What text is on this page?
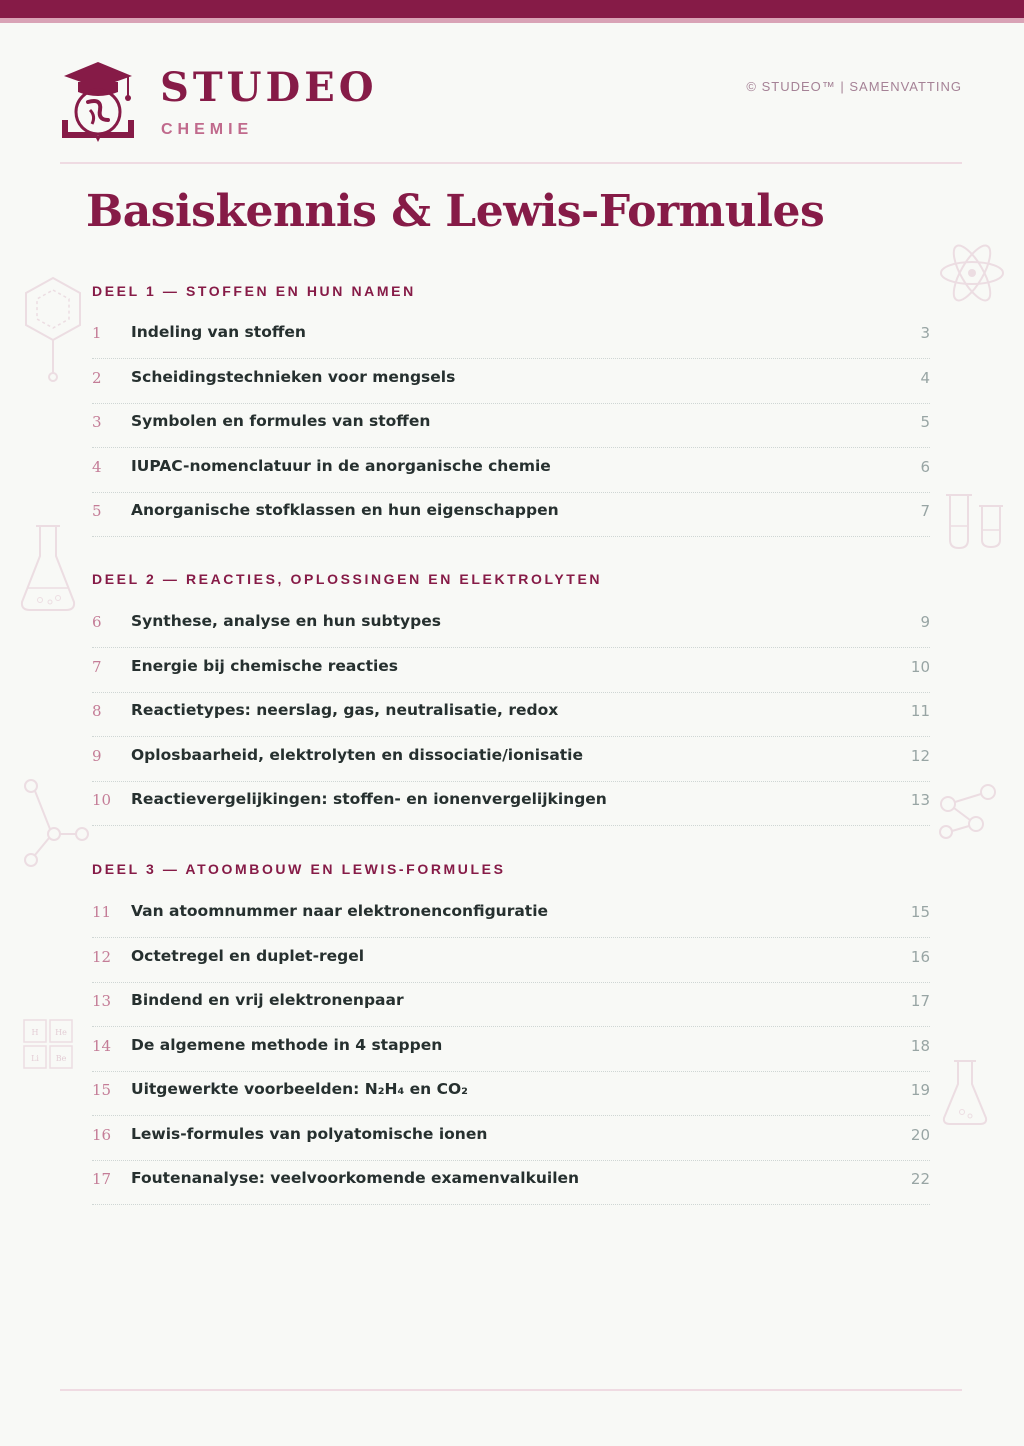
STUDEO
CHEMIE
© STUDEO™ | SAMENVATTING
Basiskennis & Lewis-Formules
H He
Li Be
DEEL 1 — STOFFEN EN HUN NAMEN
1	Indeling van stoffen	3
2	Scheidingstechnieken voor mengsels	4
3	Symbolen en formules van stoffen	5
4	IUPAC-nomenclatuur in de anorganische chemie	6
5	Anorganische stofklassen en hun eigenschappen	7
DEEL 2 — REACTIES, OPLOSSINGEN EN ELEKTROLYTEN
6	Synthese, analyse en hun subtypes	9
7	Energie bij chemische reacties	10
8	Reactietypes: neerslag, gas, neutralisatie, redox	11
9	Oplosbaarheid, elektrolyten en dissociatie/ionisatie	12
10	Reactievergelijkingen: stoffen- en ionenvergelijkingen	13
DEEL 3 — ATOOMBOUW EN LEWIS-FORMULES
11	Van atoomnummer naar elektronenconfiguratie	15
12	Octetregel en duplet-regel	16
13	Bindend en vrij elektronenpaar	17
14	De algemene methode in 4 stappen	18
15	Uitgewerkte voorbeelden: N₂H₄ en CO₂	19
16	Lewis-formules van polyatomische ionen	20
17	Foutenanalyse: veelvoorkomende examenvalkuilen	22
